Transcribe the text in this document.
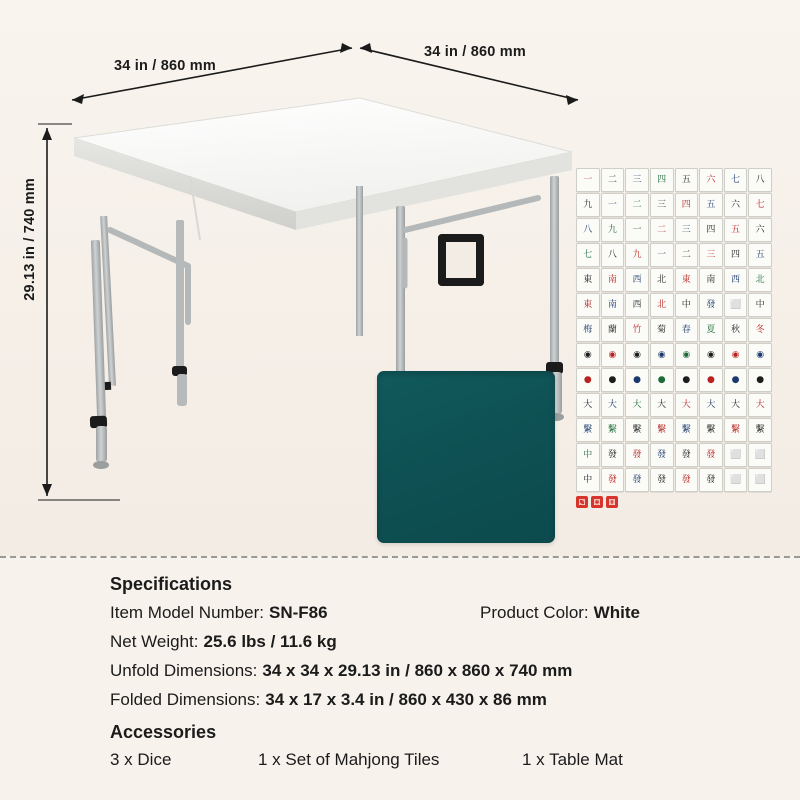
34 in / 860 mm
34 in / 860 mm
29.13 in / 740 mm	一	二	三	四	五	六	七	八
九	一	二	三	四	五	六	七
八	九	一	二	三	四	五	六
七	八	九	一	二	三	四	五
東	南	西	北	東	南	西	北
東	南	西	北	中	發	⬜	中
梅	蘭	竹	菊	春	夏	秋	冬
◉	◉	◉	◉	◉	◉	◉	◉
●	●	●	●	●	●	●	●
大	大	大	大	大	大	大	大
繫	繫	繫	繫	繫	繫	繫	繫
中	發	發	發	發	發	⬜	⬜
中	發	發	發	發	發	⬜	⬜
⚁	⚃	⚅
Specifications
Item Model Number: SN-F86	Product Color: White
Net Weight: 25.6 lbs / 11.6 kg
Unfold Dimensions: 34 x 34 x 29.13 in / 860 x 860 x 740 mm
Folded Dimensions: 34 x 17 x 3.4 in / 860 x 430 x 86 mm
Accessories
3 x Dice	1 x Set of Mahjong Tiles	1 x Table Mat
